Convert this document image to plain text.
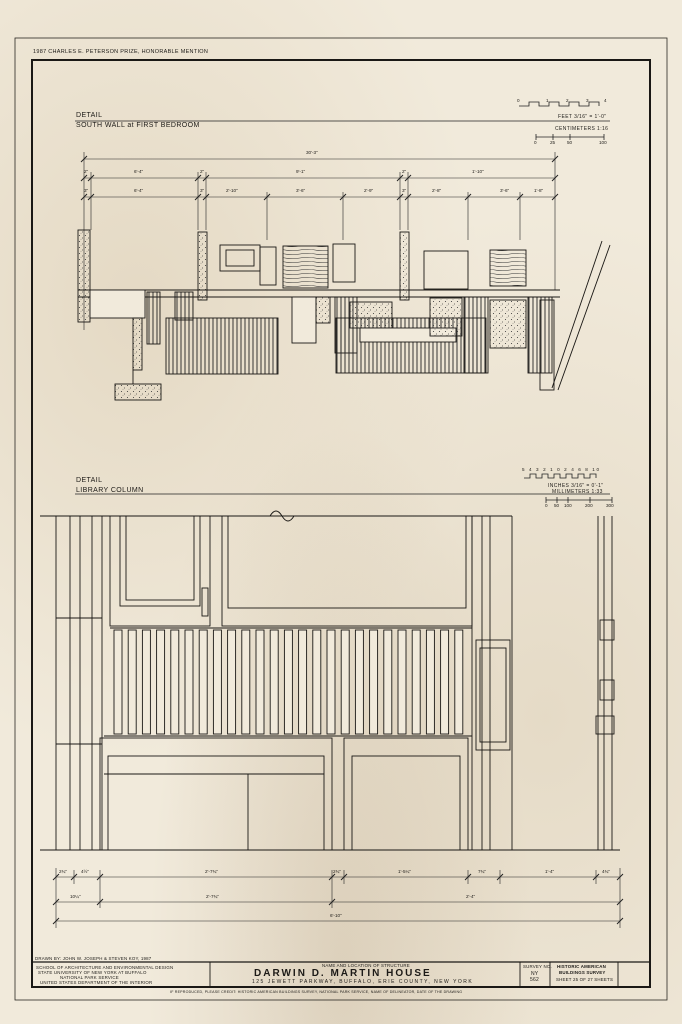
1987 CHARLES E. PETERSON PRIZE, HONORABLE MENTION
DETAIL
SOUTH WALL at FIRST BEDROOM
FEET 3/16" = 1'-0"
CENTIMETERS 1:16
0	1	2	3	4
0	25	50	100
30'-3"
2"	6'-4"	2"	9'-1"	2"	1'-10"
3"	6'-4"	3"	2'-10"	3'-6"	2'-9"	3"	2'-8"	3'-6"	1'-8"
DETAIL
LIBRARY COLUMN
INCHES 3/16" = 0'-1"
MILLIMETERS 1:33
5 4 3 2 1 0 2 4 6 8 10
0 50 100	200	300
2¾"	4½"	2'-7¾"	2¾"	1'-5¼"	7¾"	1'-4"	4¾"
10¼"	2'-7¾"	2'-4"
6'-10"
DRAWN BY: JOHN W. JOSEPH & STEVEN KOY, 1987
SCHOOL OF ARCHITECTURE AND ENVIRONMENTAL DESIGN
STATE UNIVERSITY OF NEW YORK AT BUFFALO
NATIONAL PARK SERVICE
UNITED STATES DEPARTMENT OF THE INTERIOR
NAME AND LOCATION OF STRUCTURE
DARWIN D. MARTIN HOUSE
125 JEWETT PARKWAY, BUFFALO, ERIE COUNTY, NEW YORK
SURVEY NO.
NY
562
HISTORIC AMERICAN
BUILDINGS SURVEY
SHEET 25 OF 27 SHEETS
IF REPRODUCED, PLEASE CREDIT: HISTORIC AMERICAN BUILDINGS SURVEY, NATIONAL PARK SERVICE, NAME OF DELINEATOR, DATE OF THE DRAWING
